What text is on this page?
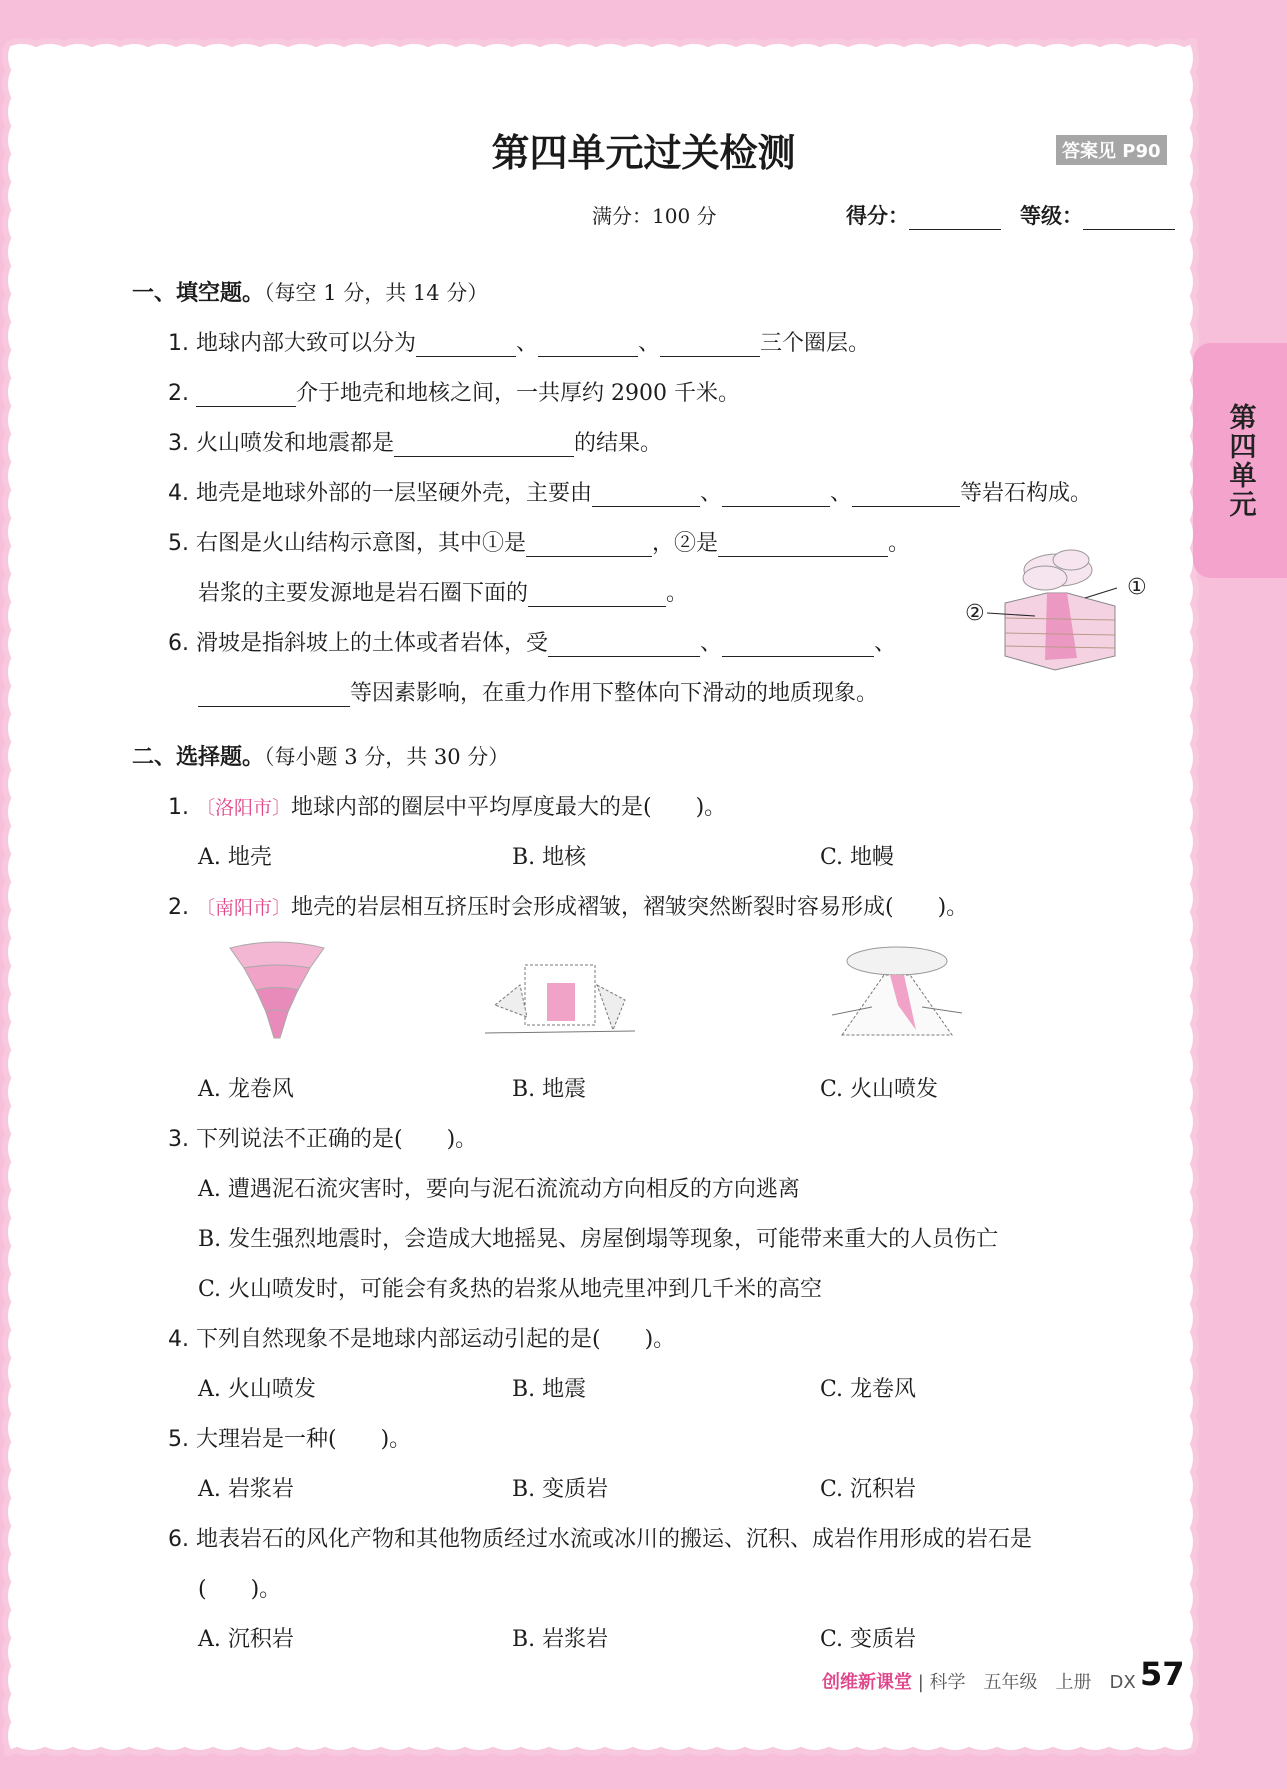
第四单元
第四单元过关检测	答案见 P90
满分：100 分	得分：	等级：
一、填空题。（每空 1 分，共 14 分）
1. 地球内部大致可以分为	、	、	三个圈层。
2.	介于地壳和地核之间，一共厚约 2900 千米。
3. 火山喷发和地震都是	的结果。
4. 地壳是地球外部的一层坚硬外壳，主要由	、	、	等岩石构成。
5. 右图是火山结构示意图，其中①是	，②是	。
岩浆的主要发源地是岩石圈下面的	。
6. 滑坡是指斜坡上的土体或者岩体，受	、	、
等因素影响，在重力作用下整体向下滑动的地质现象。
①
②
二、选择题。（每小题 3 分，共 30 分）
1. 〔洛阳市〕地球内部的圈层中平均厚度最大的是(　　)。
A. 地壳	B. 地核	C. 地幔
2. 〔南阳市〕地壳的岩层相互挤压时会形成褶皱，褶皱突然断裂时容易形成(　　)。
A. 龙卷风	B. 地震	C. 火山喷发
3. 下列说法不正确的是(　　)。
A. 遭遇泥石流灾害时，要向与泥石流流动方向相反的方向逃离
B. 发生强烈地震时，会造成大地摇晃、房屋倒塌等现象，可能带来重大的人员伤亡
C. 火山喷发时，可能会有炙热的岩浆从地壳里冲到几千米的高空
4. 下列自然现象不是地球内部运动引起的是(　　)。
A. 火山喷发	B. 地震	C. 龙卷风
5. 大理岩是一种(　　)。
A. 岩浆岩	B. 变质岩	C. 沉积岩
6. 地表岩石的风化产物和其他物质经过水流或冰川的搬运、沉积、成岩作用形成的岩石是
(　　)。
A. 沉积岩	B. 岩浆岩	C. 变质岩
创维新课堂 | 科学　五年级　上册　DX 57
